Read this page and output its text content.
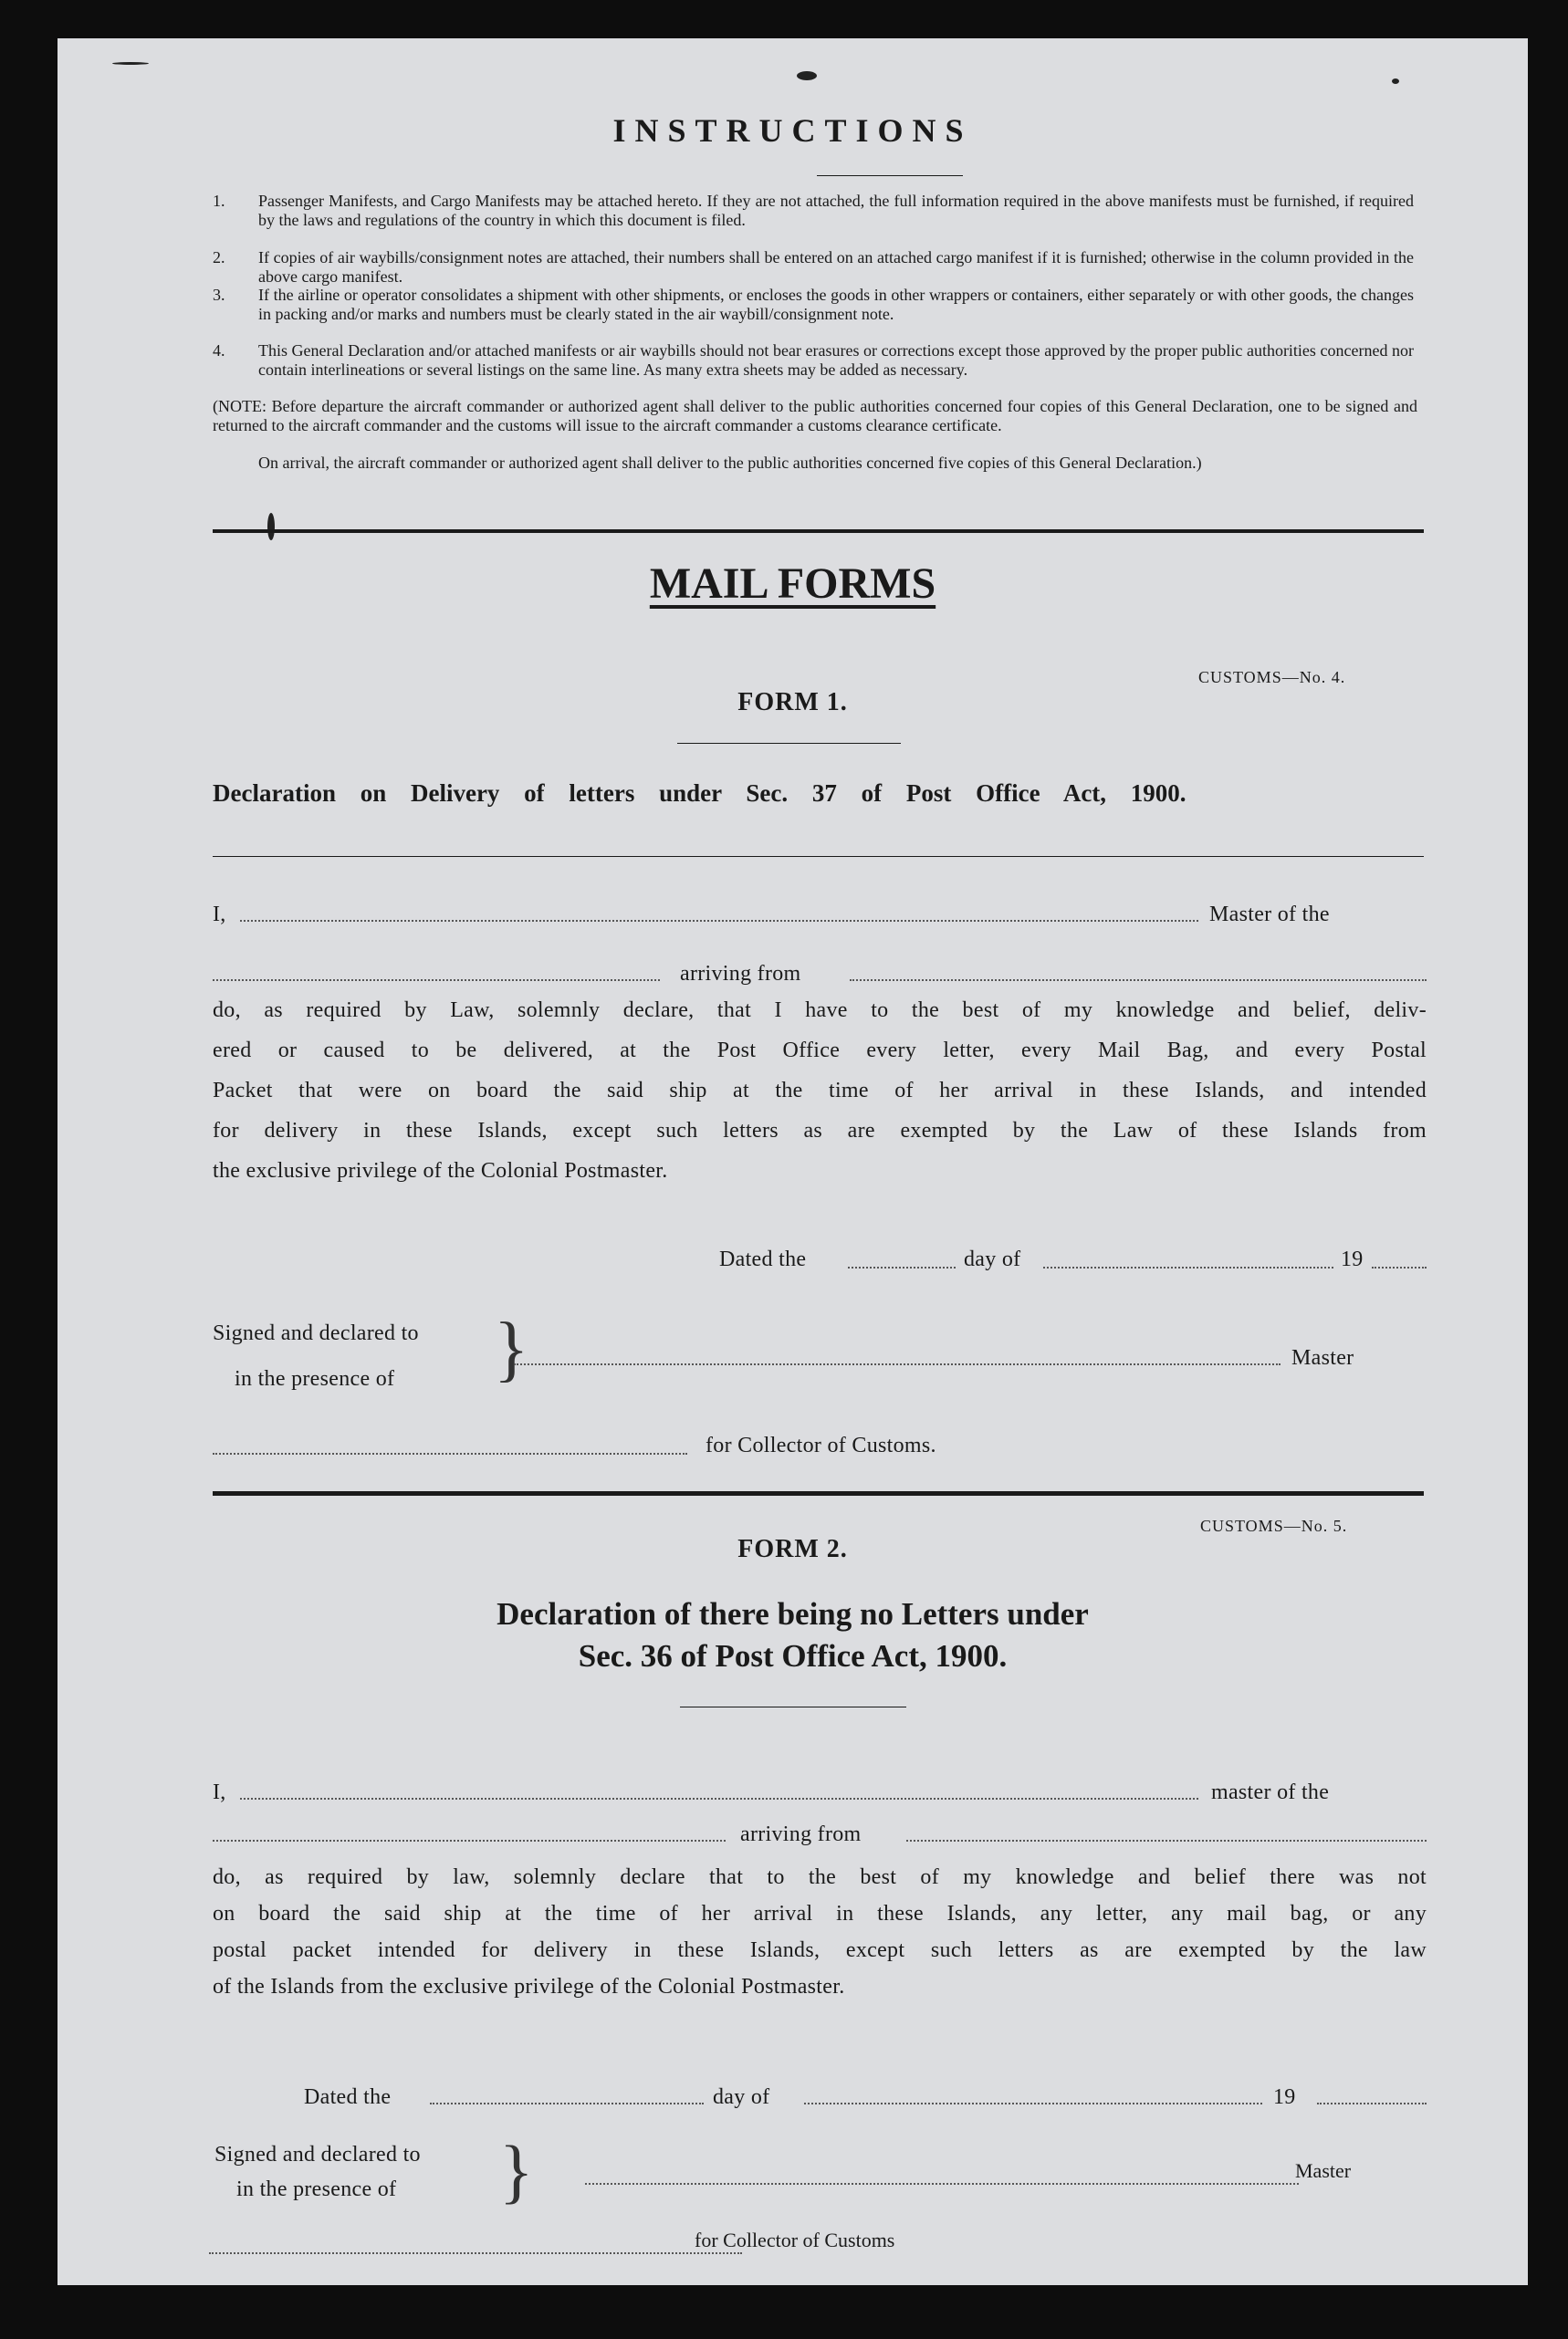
INSTRUCTIONS
1. Passenger Manifests, and Cargo Manifests may be attached hereto. If they are not attached, the full information required in the above manifests must be furnished, if required by the laws and regulations of the country in which this document is filed.
2. If copies of air waybills/consignment notes are attached, their numbers shall be entered on an attached cargo manifest if it is furnished; otherwise in the column provided in the above cargo manifest.
3. If the airline or operator consolidates a shipment with other shipments, or encloses the goods in other wrappers or containers, either separately or with other goods, the changes in packing and/or marks and numbers must be clearly stated in the air waybill/consignment note.
4. This General Declaration and/or attached manifests or air waybills should not bear erasures or corrections except those approved by the proper public authorities concerned nor contain interlineations or several listings on the same line. As many extra sheets may be added as necessary.
(NOTE: Before departure the aircraft commander or authorized agent shall deliver to the public authorities concerned four copies of this General Declaration, one to be signed and returned to the aircraft commander and the customs will issue to the aircraft commander a customs clearance certificate.
On arrival, the aircraft commander or authorized agent shall deliver to the public authorities concerned five copies of this General Declaration.)
MAIL FORMS
CUSTOMS—No. 4.
FORM 1.
Declaration on Delivery of letters under Sec. 37 of Post Office Act, 1900.
I,	Master of the
arriving from
do, as required by Law, solemnly declare, that I have to the best of my knowledge and belief, deliv-
ered or caused to be delivered, at the Post Office every letter, every Mail Bag, and every Postal
Packet that were on board the said ship at the time of her arrival in these Islands, and intended
for delivery in these Islands, except such letters as are exempted by the Law of these Islands from
the exclusive privilege of the Colonial Postmaster.
Dated the	day of	19
Signed and declared to
in the presence of	}	Master
for Collector of Customs.
CUSTOMS—No. 5.
FORM 2.
Declaration of there being no Letters under
Sec. 36 of Post Office Act, 1900.
I,	master of the
arriving from
do, as required by law, solemnly declare that to the best of my knowledge and belief there was not
on board the said ship at the time of her arrival in these Islands, any letter, any mail bag, or any
postal packet intended for delivery in these Islands, except such letters as are exempted by the law
of the Islands from the exclusive privilege of the Colonial Postmaster.
Dated the	day of	19
Signed and declared to
in the presence of	}	Master
for Collector of Customs
